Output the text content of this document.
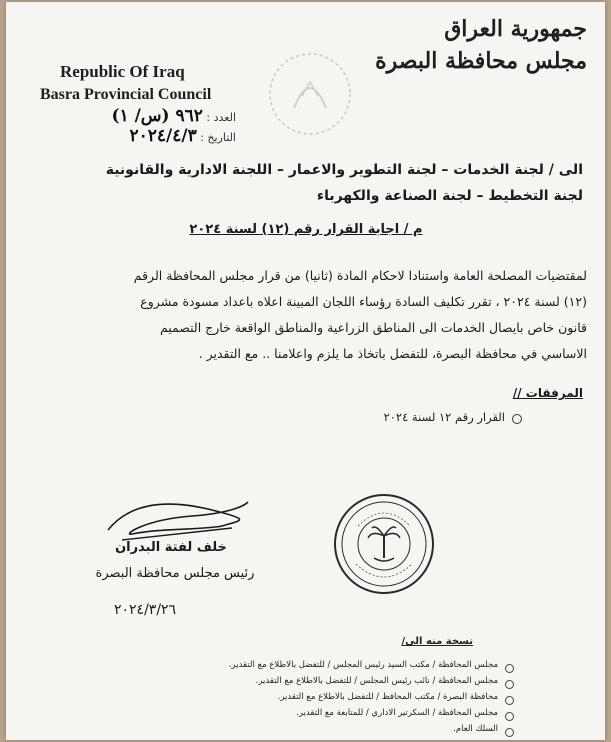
جمهورية العراق
مجلس محافظة البصرة
Republic Of Iraq
Basra Provincial Council
العدد : ٩٦٢ (س/ ١)
التاريخ : ٢٠٢٤/٤/٣
الى / لجنة الخدمات – لجنة التطوير والاعمار – اللجنة الادارية والقانونية
لجنة التخطيط – لجنة الصناعة والكهرباء
م / اجابة القرار رقم (١٢) لسنة ٢٠٢٤
لمقتضيات المصلحة العامة واستنادا لاحكام المادة (ثانيا) من قرار مجلس المحافظة الرقم
(١٢) لسنة ٢٠٢٤ ، تقرر تكليف السادة رؤساء اللجان المبينة اعلاه باعداد مسودة مشروع
قانون خاص بايصال الخدمات الى المناطق الزراعية والمناطق الواقعة خارج التصميم
الاساسي في محافظة البصرة، للتفضل باتخاذ ما يلزم واعلامنا .. مع التقدير .
المرفقات //
القرار رقم ١٢ لسنة ٢٠٢٤
خلف لفتة البدران
رئيس مجلس محافظة البصرة
٢٠٢٤/٣/٢٦
نسخة منه الى/
مجلس المحافظة / مكتب السيد رئيس المجلس / للتفضل بالاطلاع مع التقدير.
مجلس المحافظة / نائب رئيس المجلس / للتفضل بالاطلاع مع التقدير.
محافظة البصرة / مكتب المحافظ / للتفضل بالاطلاع مع التقدير.
مجلس المحافظة / السكرتير الاداري / للمتابعة مع التقدير.
السلك العام.
